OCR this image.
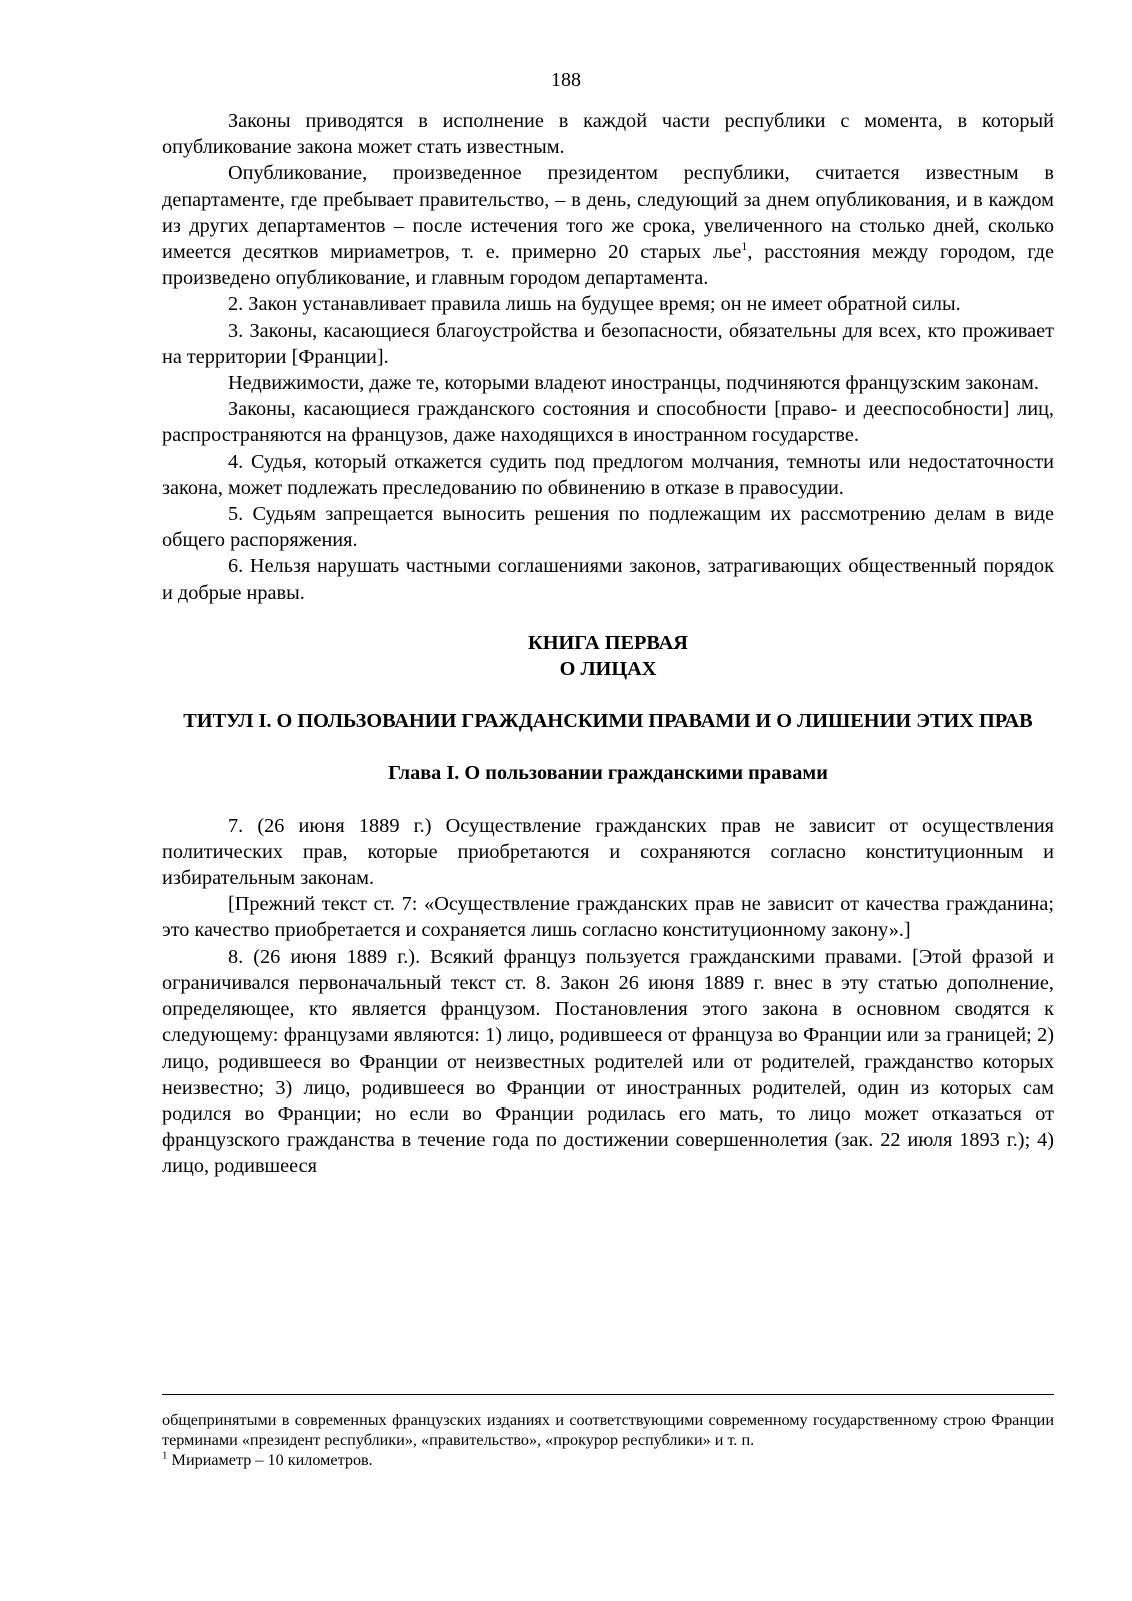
188

Законы приводятся в исполнение в каждой части республики с момента, в который опубликование закона может стать известным.

Опубликование, произведенное президентом республики, считается известным в департаменте, где пребывает правительство, – в день, следующий за днем опубликования, и в каждом из других департаментов – после истечения того же срока, увеличенного на столько дней, сколько имеется десятков мириаметров, т. е. примерно 20 старых лье$^1$, расстояния между городом, где произведено опубликование, и главным городом департамента.

2. Закон устанавливает правила лишь на будущее время; он не имеет обратной силы.

3. Законы, касающиеся благоустройства и безопасности, обязательны для всех, кто проживает на территории [Франции].

Недвижимости, даже те, которыми владеют иностранцы, подчиняются французским законам.

Законы, касающиеся гражданского состояния и способности [право- и дееспособности] лиц, распространяются на французов, даже находящихся в иностранном государстве.

4. Судья, который откажется судить под предлогом молчания, темноты или недостаточности закона, может подлежать преследованию по обвинению в отказе в правосудии.

5. Судьям запрещается выносить решения по подлежащим их рассмотрению делам в виде общего распоряжения.

6. Нельзя нарушать частными соглашениями законов, затрагивающих общественный порядок и добрые нравы.

КНИГА ПЕРВАЯ
О ЛИЦАХ
ТИТУЛ I. О ПОЛЬЗОВАНИИ ГРАЖДАНСКИМИ ПРАВАМИ И О ЛИШЕНИИ ЭТИХ ПРАВ
Глава I. О пользовании гражданскими правами

7. (26 июня 1889 г.) Осуществление гражданских прав не зависит от осуществления политических прав, которые приобретаются и сохраняются согласно конституционным и избирательным законам.

[Прежний текст ст. 7: «Осуществление гражданских прав не зависит от качества гражданина; это качество приобретается и сохраняется лишь согласно конституционному закону».]

8. (26 июня 1889 г.). Всякий француз пользуется гражданскими правами. [Этой фразой и ограничивался первоначальный текст ст. 8. Закон 26 июня 1889 г. внес в эту статью дополнение, определяющее, кто является французом. Постановления этого закона в основном сводятся к следующему: французами являются: 1) лицо, родившееся от француза во Франции или за границей; 2) лицо, родившееся во Франции от неизвестных родителей или от родителей, гражданство которых неизвестно; 3) лицо, родившееся во Франции от иностранных родителей, один из которых сам родился во Франции; но если во Франции родилась его мать, то лицо может отказаться от французского гражданства в течение года по достижении совершеннолетия (зак. 22 июля 1893 г.); 4) лицо, родившееся

общепринятыми в современных французских изданиях и соответствующими современному государственному строю Франции терминами «президент республики», «правительство», «прокурор республики» и т. п.

$^1$ Мириаметр – 10 километров.
